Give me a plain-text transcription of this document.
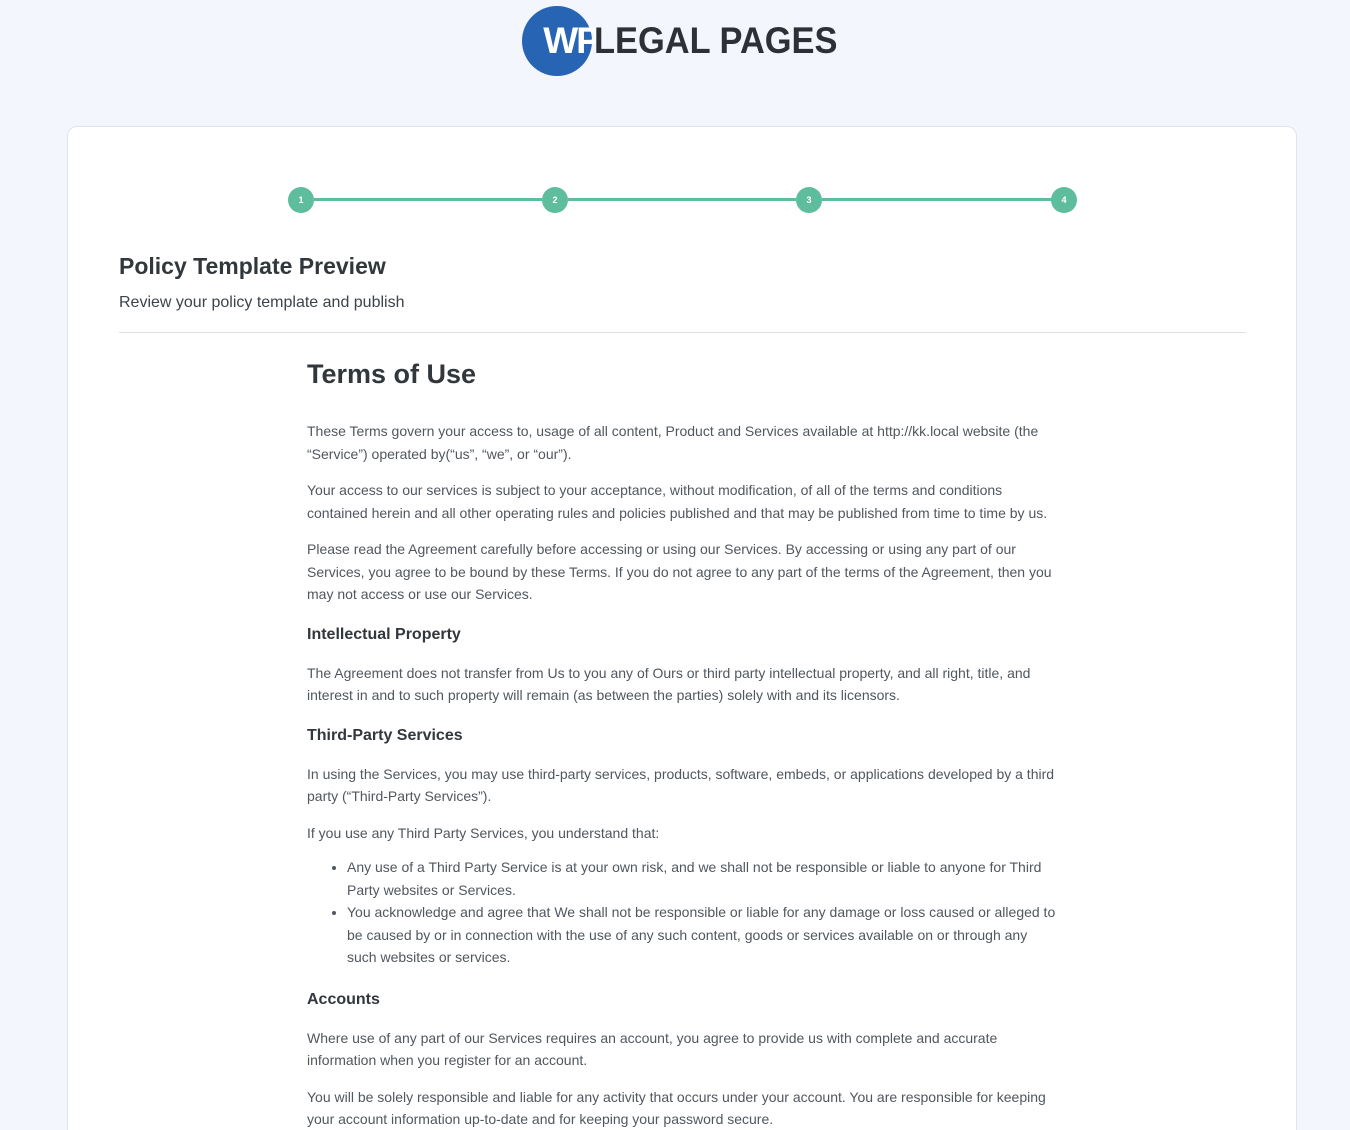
WP
LEGAL PAGES
1	2	3	4
Policy Template Preview
Review your policy template and publish
Terms of Use

These Terms govern your access to, usage of all content, Product and Services available at http://kk.local website (the “Service”) operated by(“us”, “we”, or “our”).

Your access to our services is subject to your acceptance, without modification, of all of the terms and conditions contained herein and all other operating rules and policies published and that may be published from time to time by us.

Please read the Agreement carefully before accessing or using our Services. By accessing or using any part of our Services, you agree to be bound by these Terms. If you do not agree to any part of the terms of the Agreement, then you may not access or use our Services.

Intellectual Property

The Agreement does not transfer from Us to you any of Ours or third party intellectual property, and all right, title, and interest in and to such property will remain (as between the parties) solely with and its licensors.

Third-Party Services

In using the Services, you may use third-party services, products, software, embeds, or applications developed by a third party (“Third-Party Services”).

If you use any Third Party Services, you understand that:

• Any use of a Third Party Service is at your own risk, and we shall not be responsible or liable to anyone for Third Party websites or Services.
• You acknowledge and agree that We shall not be responsible or liable for any damage or loss caused or alleged to be caused by or in connection with the use of any such content, goods or services available on or through any such websites or services.
Accounts

Where use of any part of our Services requires an account, you agree to provide us with complete and accurate information when you register for an account.

You will be solely responsible and liable for any activity that occurs under your account. You are responsible for keeping your account information up-to-date and for keeping your password secure.
